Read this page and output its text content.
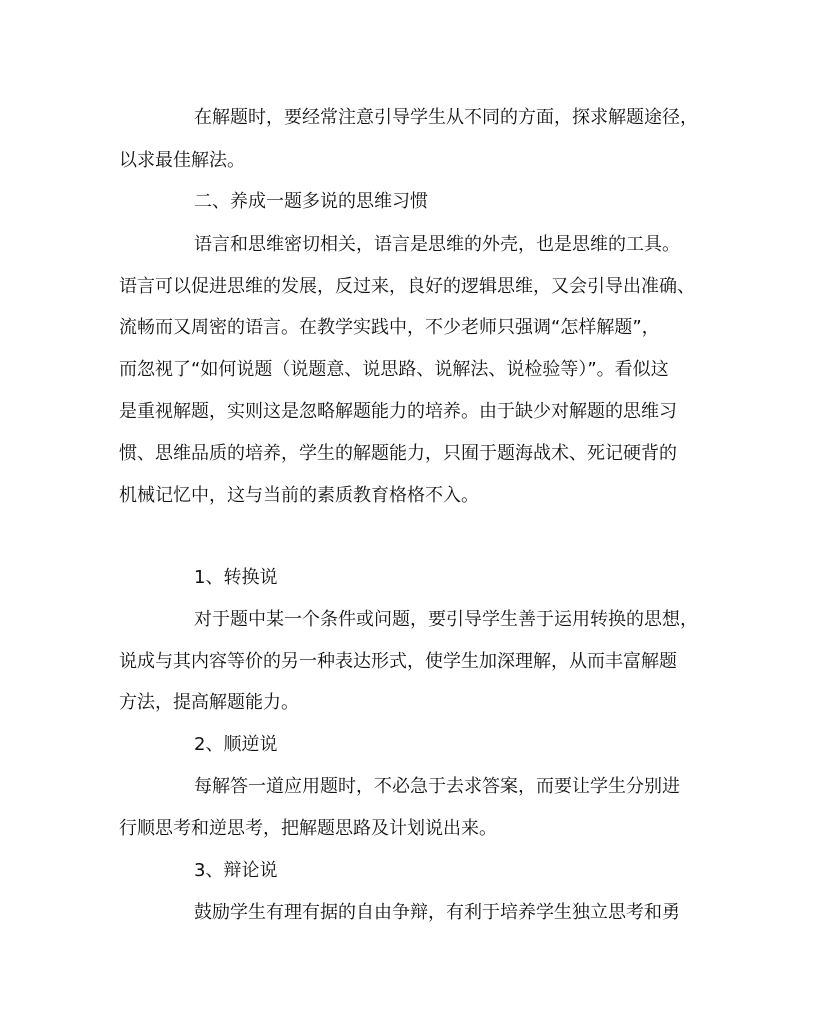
在解题时，要经常注意引导学生从不同的方面，探求解题途径，
以求最佳解法。
二、养成一题多说的思维习惯
语言和思维密切相关，语言是思维的外壳，也是思维的工具。
语言可以促进思维的发展，反过来，良好的逻辑思维，又会引导出准确、
流畅而又周密的语言。在教学实践中，不少老师只强调“怎样解题”，
而忽视了“如何说题（说题意、说思路、说解法、说检验等）”。看似这
是重视解题，实则这是忽略解题能力的培养。由于缺少对解题的思维习
惯、思维品质的培养，学生的解题能力，只囿于题海战术、死记硬背的
机械记忆中，这与当前的素质教育格格不入。
1、转换说
对于题中某一个条件或问题，要引导学生善于运用转换的思想，
说成与其内容等价的另一种表达形式，使学生加深理解，从而丰富解题
方法，提高解题能力。
2、顺逆说
每解答一道应用题时，不必急于去求答案，而要让学生分别进
行顺思考和逆思考，把解题思路及计划说出来。
3、辩论说
鼓励学生有理有据的自由争辩，有利于培养学生独立思考和勇
